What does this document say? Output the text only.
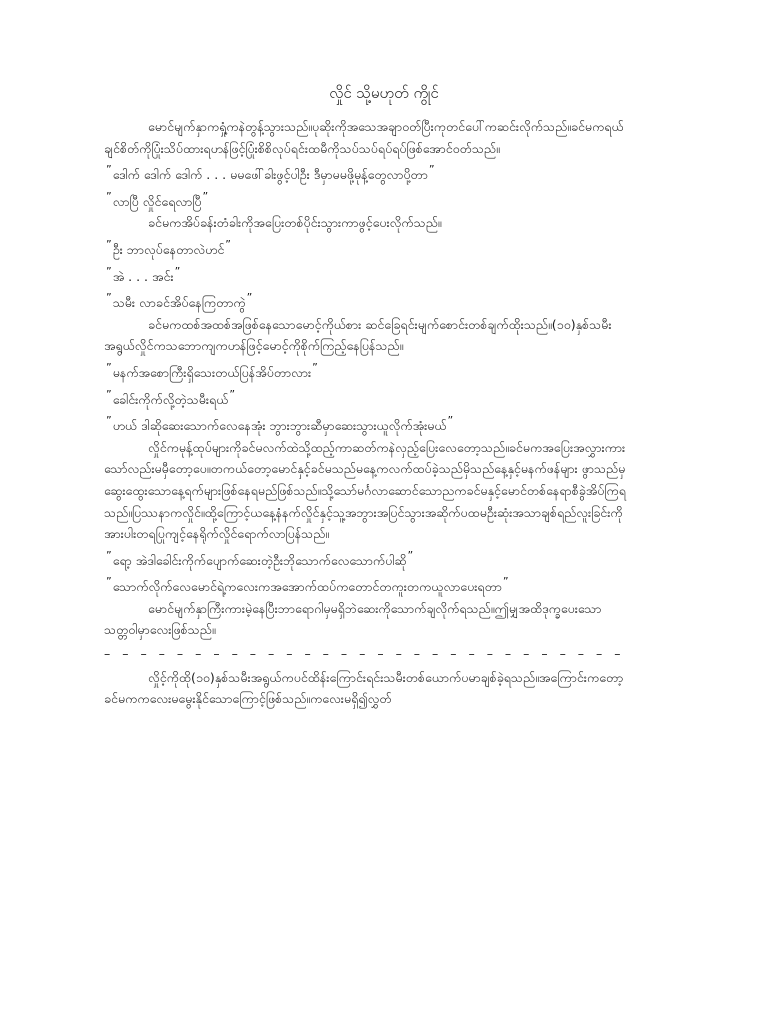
လှိုင် သို့မဟုတ် ကွိုင်

မောင်မျက်နှာကရှုံ့ကနဲတွန့်သွားသည်။ပုဆိုးကိုအသေအချာဝတ်ပြီးကုတင်ပေါ်ကဆင်းလိုက်သည်။ခင်မကရယ်ချင်စိတ်ကိုပြုံးသိပ်ထားရဟန်ဖြင့်ပြုံးစိစိလုပ်ရင်းထမီကိုသပ်သပ်ရပ်ရပ်ဖြစ်အောင်ဝတ်သည်။

” ဒေါက် ဒေါက် ဒေါက် . . . မမဖေါ်ခါးဖွင့်ပါဦး ဒီမှာမမဖို့မုန့်တွေလာပို့တာ ”

” လာပြီ လှိုင်ရေလာပြီ ”

ခင်မကအိပ်ခန်းတံခါးကိုအပြေးတစ်ပိုင်းသွားကာဖွင့်ပေးလိုက်သည်။

” ဦး ဘာလုပ်နေတာလဲဟင် ”

” အဲ . . . အင်း ”

” သမီး လာခင်အိပ်နေကြတာကွဲ ”

ခင်မကထစ်အထစ်အဖြစ်နေသောမောင့်ကိုယ်စား ဆင်ခြေရင်းမျက်စောင်းတစ်ချက်ထိုးသည်။(၁၀)နှစ်သမီးအရွယ်လှိုင်ကသဘောကျကဟန်ဖြင့်မောင့်ကိုစိုက်ကြည့်နေပြန်သည်။

” မနက်အစောကြီးရှိသေးတယ်ပြန်အိပ်တာလား ”

” ခေါင်းကိုက်လို့တဲ့သမီးရယ် ”

” ဟယ် ဒါဆိုဆေးသောက်လေနေအုံး ဘွားဘွားဆီမှာဆေးသွားယူလိုက်အုံးမယ် ”

လှိုင်ကမုန့်ထုပ်များကိုခင်မလက်ထဲသို့ထည့်ကာဆတ်ကနဲလှည့်ပြေးလေတော့သည်။ခင်မကအပြေးအလွှားကားသော်လည်းမမှီတော့ပေ။တကယ်တော့မောင်နှင့်ခင်မသည်မနေ့ကလက်ထပ်ခဲ့သည်မှိသည်နေ့နှင့်မနက်ဖန်များ ဖွာသည်မှ ဆွေးထွေးသောနေ့ရက်များဖြစ်နေရမည်ဖြစ်သည်။သို့သော်မင်္ဂလာဆောင်သောညကခင်မနှင့်မောင်တစ်နေရာစီခွဲအိပ်ကြရသည်။ပြဿနာကလှိုင်။ထို့ကြောင့်ယနေ့နံနက်လှိုင်နှင့်သူ့အဘွားအပြင်သွားအဆိုက်ပထမဦးဆုံးအသာချစ်ရည်လူးခြင်းကိုအားပါးတရပြုကျင့်နေရိုက်လှိုင်ရောက်လာပြန်သည်။

” ရော့ အဲဒါခေါင်းကိုက်ပျောက်ဆေးတဲ့ဦးဘိုသောက်လေသောက်ပါဆို ”

” သောက်လိုက်လေမောင်ရဲ့ကလေးကအအောက်ထပ်ကတောင်တကူးတကယူလာပေးရတာ ”

မောင်မျက်နှာကြီးကားမဲ့နေပြီးဘာရောဂါမှမရှိဘဲဆေးကိုသောက်ချလိုက်ရသည်။ဤမျှအထိဒုက္ခပေးသောသတ္တဝါမှာလေးဖြစ်သည်။

– – – – – – – – – – – – – – – – – – – – – – – – – – – – –

လှိုင့်ကိုထို(၁၀)နှစ်သမီးအရွယ်ကပင်ထိန်းကြောင်းရင်းသမီးတစ်ယောက်ပမာချစ်ခဲ့ရသည်။အကြောင်းကတော့ခင်မကကလေးမမွေးနိုင်သောကြောင့်ဖြစ်သည်။ကလေးမရှိ၍လွှတ်
